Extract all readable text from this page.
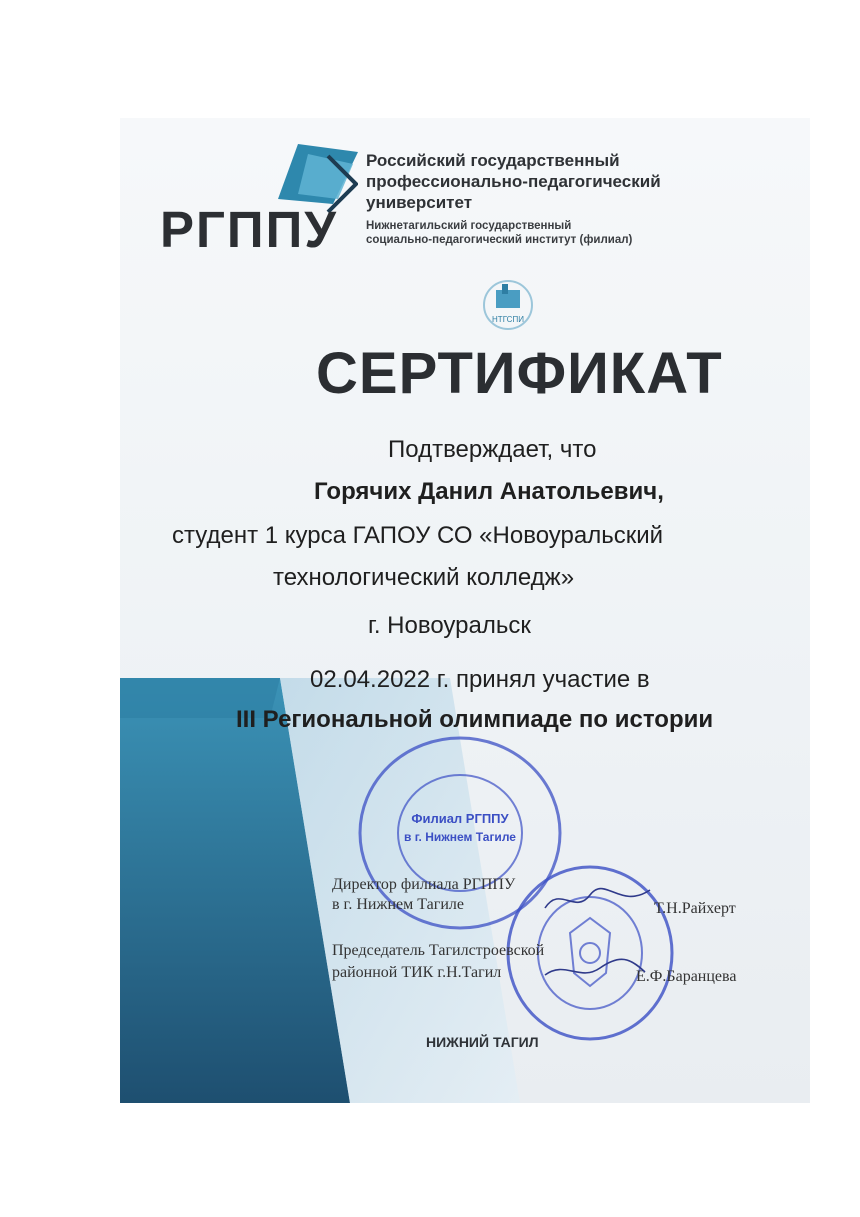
РГППУ
Российский государственный
профессионально-педагогический
университет
Нижнетагильский государственный
социально-педагогический институт (филиал)
НТГСПИ
СЕРТИФИКАТ
Подтверждает, что
Горячих Данил Анатольевич,
студент 1 курса ГАПОУ СО «Новоуральский
технологический колледж»
г. Новоуральск
02.04.2022 г. принял участие в
III Региональной олимпиаде по истории
Филиал РГППУ
в г. Нижнем Тагиле
Директор филиала РГППУ
в г. Нижнем Тагиле	Т.Н.Райхерт
Председатель Тагилстроевской
районной ТИК г.Н.Тагил	Е.Ф.Баранцева
НИЖНИЙ ТАГИЛ
